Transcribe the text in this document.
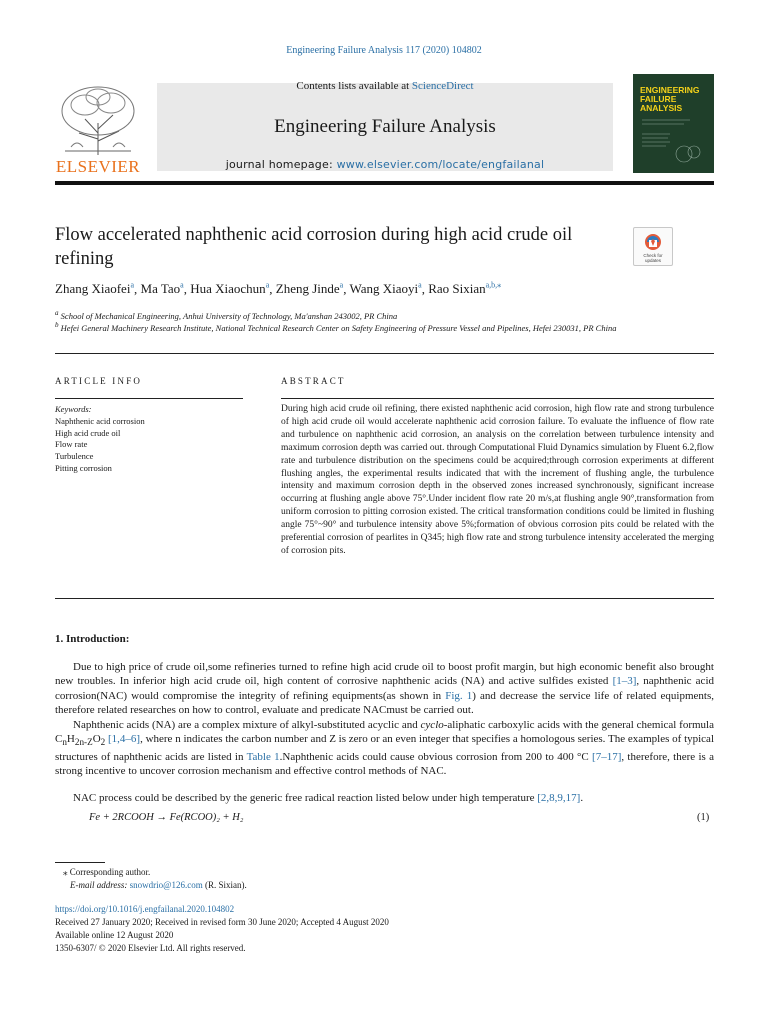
Engineering Failure Analysis 117 (2020) 104802
ELSEVIER
Contents lists available at ScienceDirect
Engineering Failure Analysis
journal homepage: www.elsevier.com/locate/engfailanal
ENGINEERING
FAILURE
ANALYSIS
Flow accelerated naphthenic acid corrosion during high acid crude oil refining	Check for updates
Zhang Xiaofei$^a$, Ma Tao$^a$, Hua Xiaochun$^a$, Zheng Jinde$^a$, Wang Xiaoyi$^a$, Rao Sixian$^{a,b,⁎}$
$^a$ School of Mechanical Engineering, Anhui University of Technology, Ma'anshan 243002, PR China
$^b$ Hefei General Machinery Research Institute, National Technical Research Center on Safety Engineering of Pressure Vessel and Pipelines, Hefei 230031, PR China
ARTICLE INFO
Keywords:
Naphthenic acid corrosion
High acid crude oil
Flow rate
Turbulence
Pitting corrosion
ABSTRACT
During high acid crude oil refining, there existed naphthenic acid corrosion, high flow rate and strong turbulence of high acid crude oil would accelerate naphthenic acid corrosion failure. To evaluate the influence of flow rate and turbulence on naphthenic acid corrosion, an analysis on the correlation between turbulence intensity and maximum corrosion depth was carried out. through Computational Fluid Dynamics simulation by Fluent 6.2,flow rate and turbulence distribution on the specimens could be acquired;through corrosion experiments at different flushing angles, the experimental results indicated that with the increment of flushing angle, the turbulence intensity and maximum corrosion depth in the observed zones increased synchronously, significant increase occurring at flushing angle above 75°.Under incident flow rate 20 m/s,at flushing angle 90°,transformation from uniform corrosion to pitting corrosion existed. The critical transformation conditions could be limited in flushing angle 75°~90° and turbulence intensity above 5%;formation of obvious corrosion pits could be related with the preferential corrosion of pearlites in Q345; high flow rate and strong turbulence intensity accelerated the merging of corrosion pits.
1. Introduction:
Due to high price of crude oil,some refineries turned to refine high acid crude oil to boost profit margin, but high economic benefit also brought new troubles. In inferior high acid crude oil, high content of corrosive naphthenic acids (NA) and active sulfides existed [1–3], naphthenic acid corrosion(NAC) would compromise the integrity of refining equipments(as shown in Fig. 1) and decrease the service life of related equipments, therefore related researches on how to control, evaluate and predicate NACmust be carried out.
Naphthenic acids (NA) are a complex mixture of alkyl-substituted acyclic and cyclo-aliphatic carboxylic acids with the general chemical formula $C_nH_{2n-Z}O_2$ [1,4–6], where n indicates the carbon number and Z is zero or an even integer that specifies a homologous series. The examples of typical structures of naphthenic acids are listed in Table 1.Naphthenic acids could cause obvious corrosion from 200 to 400 °C [7–17], therefore, there is a strong incentive to uncover corrosion mechanism and effective control methods of NAC.
NAC process could be described by the generic free radical reaction listed below under high temperature [2,8,9,17].
Fe + 2RCOOH → Fe(RCOO)₂ + H₂	(1)
⁎ Corresponding author.
E-mail address: snowdrio@126.com (R. Sixian).
https://doi.org/10.1016/j.engfailanal.2020.104802
Received 27 January 2020; Received in revised form 30 June 2020; Accepted 4 August 2020
Available online 12 August 2020
1350-6307/ © 2020 Elsevier Ltd. All rights reserved.
